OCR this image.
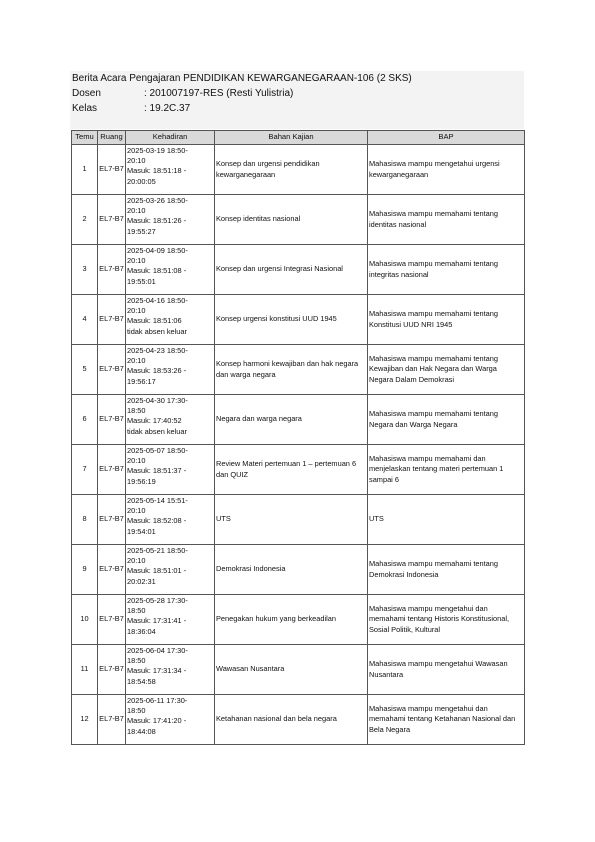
Berita Acara Pengajaran PENDIDIKAN KEWARGANEGARAAN-106 (2 SKS)
Dosen	: 201007197-RES (Resti Yulistria)
Kelas	: 19.2C.37
Temu	Ruang	Kehadiran	Bahan Kajian	BAP
1	EL7-B7	2025-03-19 18:50-
20:10
Masuk: 18:51:18 -
20:00:05	Konsep dan urgensi pendidikan kewarganegaraan	Mahasiswa mampu mengetahui urgensi kewarganegaraan
2	EL7-B7	2025-03-26 18:50-
20:10
Masuk: 18:51:26 -
19:55:27	Konsep identitas nasional	Mahasiswa mampu memahami tentang identitas nasional
3	EL7-B7	2025-04-09 18:50-
20:10
Masuk: 18:51:08 -
19:55:01	Konsep dan urgensi Integrasi Nasional	Mahasiswa mampu memahami tentang integritas nasional
4	EL7-B7	2025-04-16 18:50-
20:10
Masuk: 18:51:06
tidak absen keluar	Konsep urgensi konstitusi UUD 1945	Mahasiswa mampu memahami tentang Konstitusi UUD NRI 1945
5	EL7-B7	2025-04-23 18:50-
20:10
Masuk: 18:53:26 -
19:56:17	Konsep harmoni kewajiban dan hak negara dan warga negara	Mahasiswa mampu memahami tentang Kewajiban dan Hak Negara dan Warga Negara Dalam Demokrasi
6	EL7-B7	2025-04-30 17:30-
18:50
Masuk: 17:40:52
tidak absen keluar	Negara dan warga negara	Mahasiswa mampu memahami tentang Negara dan Warga Negara
7	EL7-B7	2025-05-07 18:50-
20:10
Masuk: 18:51:37 -
19:56:19	Review Materi pertemuan 1 – pertemuan 6 dan QUIZ	Mahasiswa mampu memahami dan menjelaskan tentang materi pertemuan 1 sampai 6
8	EL7-B7	2025-05-14 15:51-
20:10
Masuk: 18:52:08 -
19:54:01	UTS	UTS
9	EL7-B7	2025-05-21 18:50-
20:10
Masuk: 18:51:01 -
20:02:31	Demokrasi Indonesia	Mahasiswa mampu memahami tentang Demokrasi Indonesia
10	EL7-B7	2025-05-28 17:30-
18:50
Masuk: 17:31:41 -
18:36:04	Penegakan hukum yang berkeadilan	Mahasiswa mampu mengetahui dan memahami tentang Historis Konstitusional, Sosial Politik, Kultural
11	EL7-B7	2025-06-04 17:30-
18:50
Masuk: 17:31:34 -
18:54:58	Wawasan Nusantara	Mahasiswa mampu mengetahui Wawasan Nusantara
12	EL7-B7	2025-06-11 17:30-
18:50
Masuk: 17:41:20 -
18:44:08	Ketahanan nasional dan bela negara	Mahasiswa mampu mengetahui dan memahami tentang Ketahanan Nasional dan Bela Negara
